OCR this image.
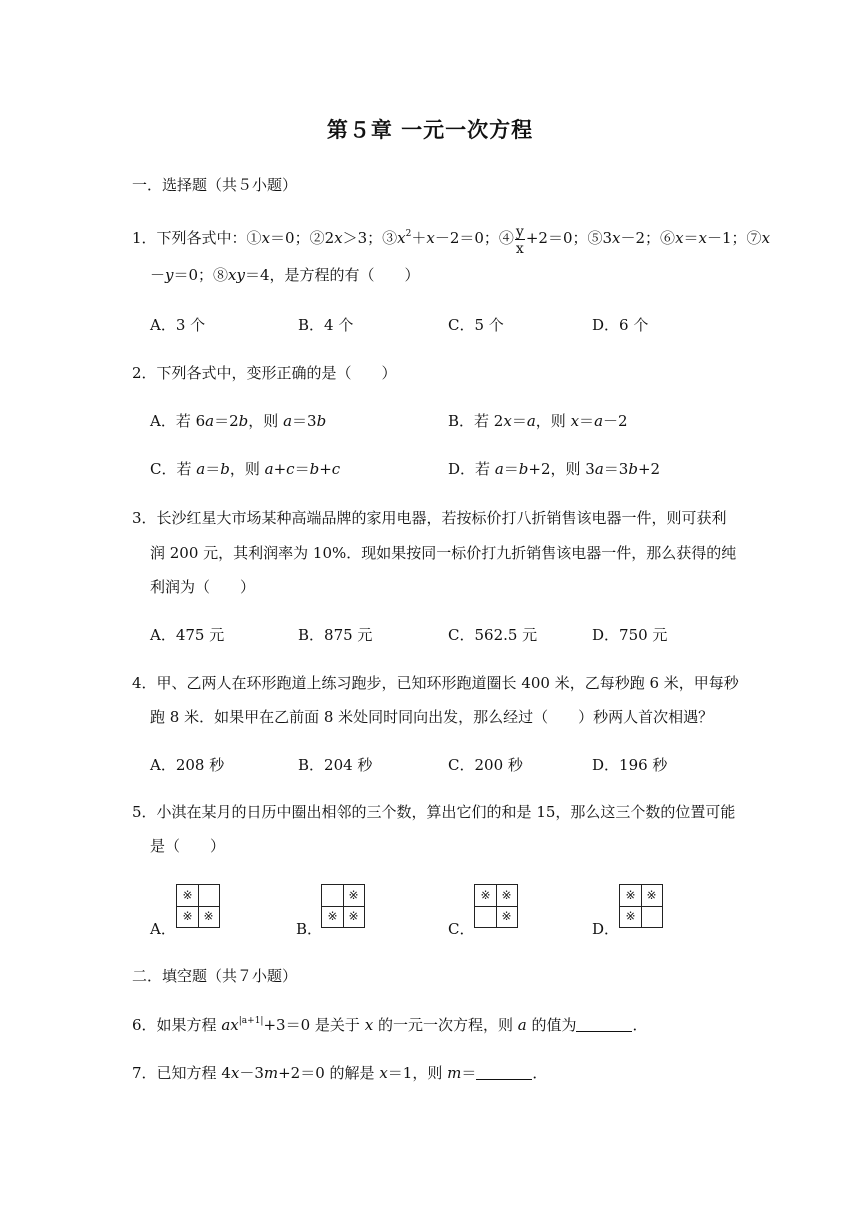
第５章 一元一次方程
一．选择题（共５小题）
1．下列各式中：①x＝0；②2x＞3；$③x^2+x-2=0$；④ $\frac{y}{x} +2=0$；⑤3x－2；⑥x＝x－1；⑦x
－y＝0；⑧xy＝4，是方程的有（　　）
A．3 个	B．4 个	C．5 个	D．6 个
2．下列各式中，变形正确的是（　　）
A．若 6a＝2b，则 a＝3b	B．若 2x＝a，则 x＝a－2
C．若 a＝b，则 a+c＝b+c	D．若 a＝b+2，则 3a＝3b+2
3．长沙红星大市场某种高端品牌的家用电器，若按标价打八折销售该电器一件，则可获利
润 200 元，其利润率为 10%．现如果按同一标价打九折销售该电器一件，那么获得的纯
利润为（　　）
A．475 元	B．875 元	C．562.5 元	D．750 元
4．甲、乙两人在环形跑道上练习跑步，已知环形跑道圈长 400 米，乙每秒跑 6 米，甲每秒
跑 8 米．如果甲在乙前面 8 米处同时同向出发，那么经过（　　）秒两人首次相遇？
A．208 秒	B．204 秒	C．200 秒	D．196 秒
5．小淇在某月的日历中圈出相邻的三个数，算出它们的和是 15，那么这三个数的位置可能
是（　　）
A．
※
※ ※
B．
※
※ ※
C．
※ ※
※
D．
※ ※
※
二．填空题（共７小题）
6．如果方程 $ax^{|a+1|}+3=0$ 是关于 x 的一元一次方程，则 a 的值为	．
7．已知方程 4x－3m+2＝0 的解是 x＝1，则 m＝	．
